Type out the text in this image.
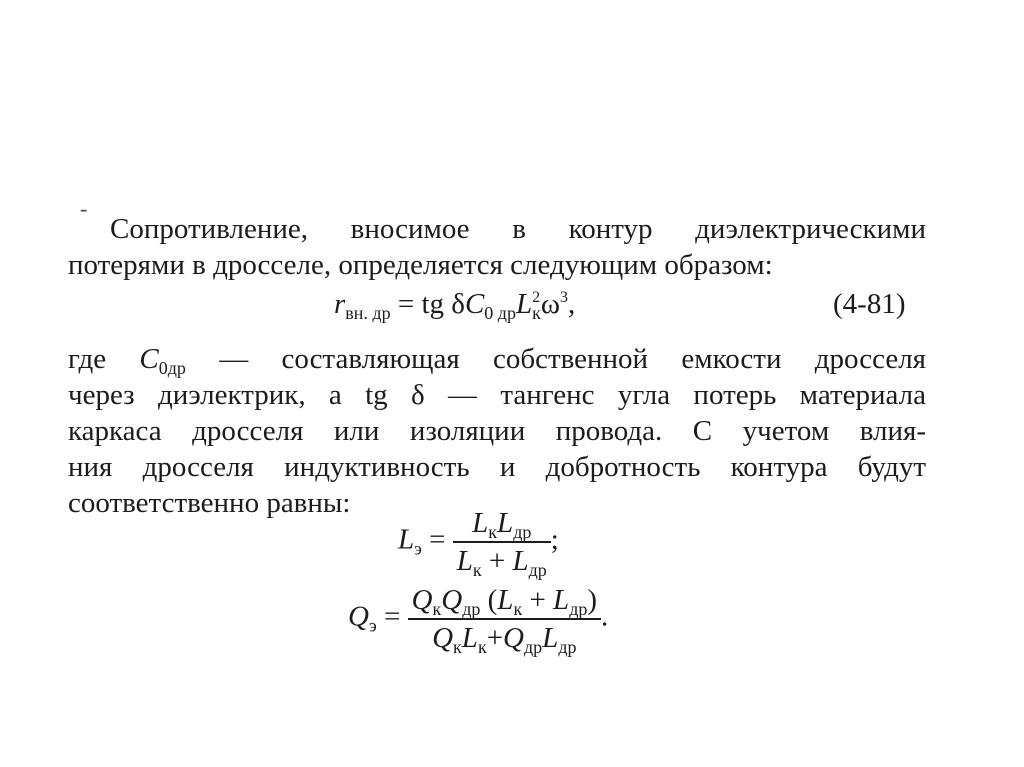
‐
Сопротивление, вносимое в контур диэлектрическими
потерями в дросселе, определяется следующим образом:
$r_{вн. др}$ = tg $\delta C_{0 др}L^2_к\omega^3$,	(4-81)
где $C_{0др}$ — составляющая собственной емкости дросселя
через диэлектрик, а tg δ — тангенс угла потерь материала
каркаса дросселя или изоляции провода. С учетом влия-
ния дросселя индуктивность и добротность контура будут
соответственно равны:
$L_э = \frac{L_кL_{др}}{L_к + L_{др}}$ ;
$Q_э = \frac{Q_кQ_{др} (L_к + L_{др})}{Q_кL_к+Q_{др}L_{др}}$ .
